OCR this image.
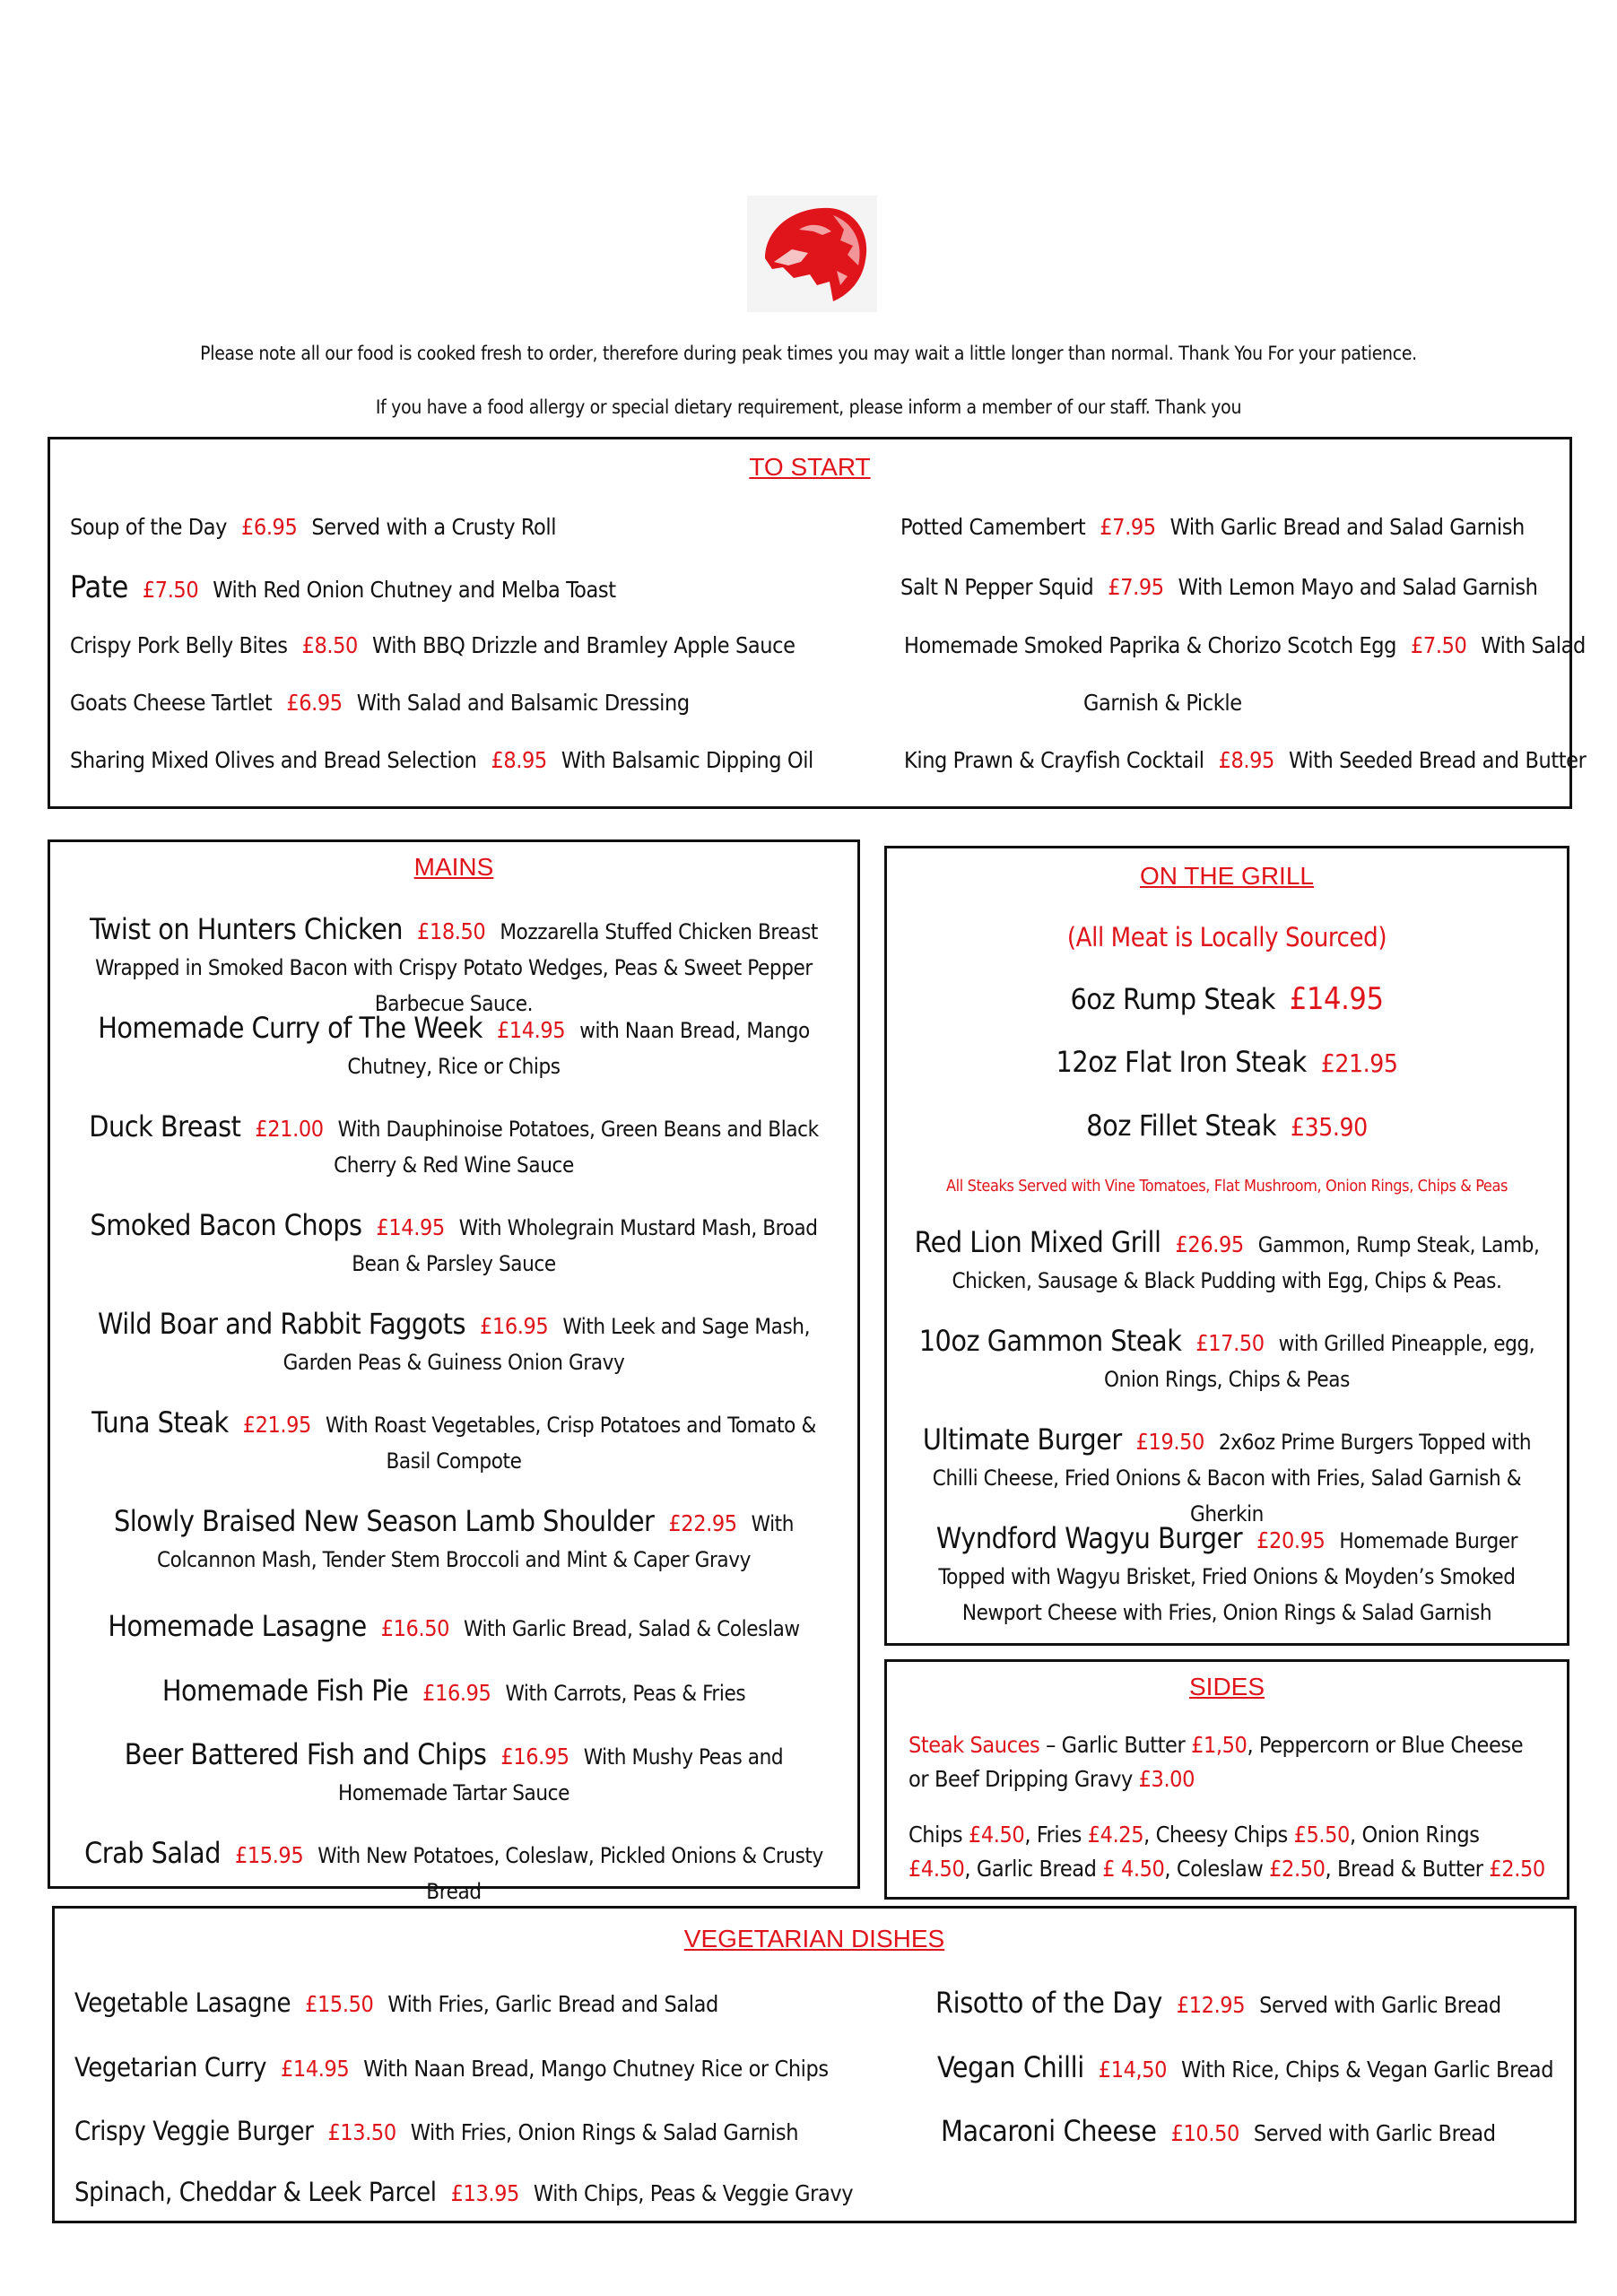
Please note all our food is cooked fresh to order, therefore during peak times you may wait a little longer than normal. Thank You For your patience.
If you have a food allergy or special dietary requirement, please inform a member of our staff. Thank you
TO START
Soup of the Day £6.95 Served with a Crusty Roll
Pate £7.50 With Red Onion Chutney and Melba Toast
Crispy Pork Belly Bites £8.50 With BBQ Drizzle and Bramley Apple Sauce
Goats Cheese Tartlet £6.95 With Salad and Balsamic Dressing
Sharing Mixed Olives and Bread Selection £8.95 With Balsamic Dipping Oil
Potted Camembert £7.95 With Garlic Bread and Salad Garnish
Salt N Pepper Squid £7.95 With Lemon Mayo and Salad Garnish
Homemade Smoked Paprika & Chorizo Scotch Egg £7.50 With Salad
Garnish & Pickle
King Prawn & Crayfish Cocktail £8.95 With Seeded Bread and Butter
MAINS
Twist on Hunters Chicken £18.50 Mozzarella Stuffed Chicken Breast Wrapped in Smoked Bacon with Crispy Potato Wedges, Peas & Sweet Pepper Barbecue Sauce.
Homemade Curry of The Week £14.95 with Naan Bread, Mango Chutney, Rice or Chips
Duck Breast £21.00 With Dauphinoise Potatoes, Green Beans and Black Cherry & Red Wine Sauce
Smoked Bacon Chops £14.95 With Wholegrain Mustard Mash, Broad Bean & Parsley Sauce
Wild Boar and Rabbit Faggots £16.95 With Leek and Sage Mash, Garden Peas & Guiness Onion Gravy
Tuna Steak £21.95 With Roast Vegetables, Crisp Potatoes and Tomato & Basil Compote
Slowly Braised New Season Lamb Shoulder £22.95 With Colcannon Mash, Tender Stem Broccoli and Mint & Caper Gravy
Homemade Lasagne £16.50 With Garlic Bread, Salad & Coleslaw
Homemade Fish Pie £16.95 With Carrots, Peas & Fries
Beer Battered Fish and Chips £16.95 With Mushy Peas and Homemade Tartar Sauce
Crab Salad £15.95 With New Potatoes, Coleslaw, Pickled Onions & Crusty Bread
ON THE GRILL
(All Meat is Locally Sourced)
6oz Rump Steak £14.95
12oz Flat Iron Steak £21.95
8oz Fillet Steak £35.90
All Steaks Served with Vine Tomatoes, Flat Mushroom, Onion Rings, Chips & Peas
Red Lion Mixed Grill £26.95 Gammon, Rump Steak, Lamb, Chicken, Sausage & Black Pudding with Egg, Chips & Peas.
10oz Gammon Steak £17.50 with Grilled Pineapple, egg, Onion Rings, Chips & Peas
Ultimate Burger £19.50 2x6oz Prime Burgers Topped with Chilli Cheese, Fried Onions & Bacon with Fries, Salad Garnish & Gherkin
Wyndford Wagyu Burger £20.95 Homemade Burger Topped with Wagyu Brisket, Fried Onions & Moyden’s Smoked Newport Cheese with Fries, Onion Rings & Salad Garnish
SIDES
Steak Sauces – Garlic Butter £1,50, Peppercorn or Blue Cheese or Beef Dripping Gravy £3.00
Chips £4.50, Fries £4.25, Cheesy Chips £5.50, Onion Rings £4.50, Garlic Bread £ 4.50, Coleslaw £2.50, Bread & Butter £2.50
VEGETARIAN DISHES
Vegetable Lasagne £15.50 With Fries, Garlic Bread and Salad
Vegetarian Curry £14.95 With Naan Bread, Mango Chutney Rice or Chips
Crispy Veggie Burger £13.50 With Fries, Onion Rings & Salad Garnish
Spinach, Cheddar & Leek Parcel £13.95 With Chips, Peas & Veggie Gravy
Risotto of the Day £12.95 Served with Garlic Bread
Vegan Chilli £14,50 With Rice, Chips & Vegan Garlic Bread
Macaroni Cheese £10.50 Served with Garlic Bread
